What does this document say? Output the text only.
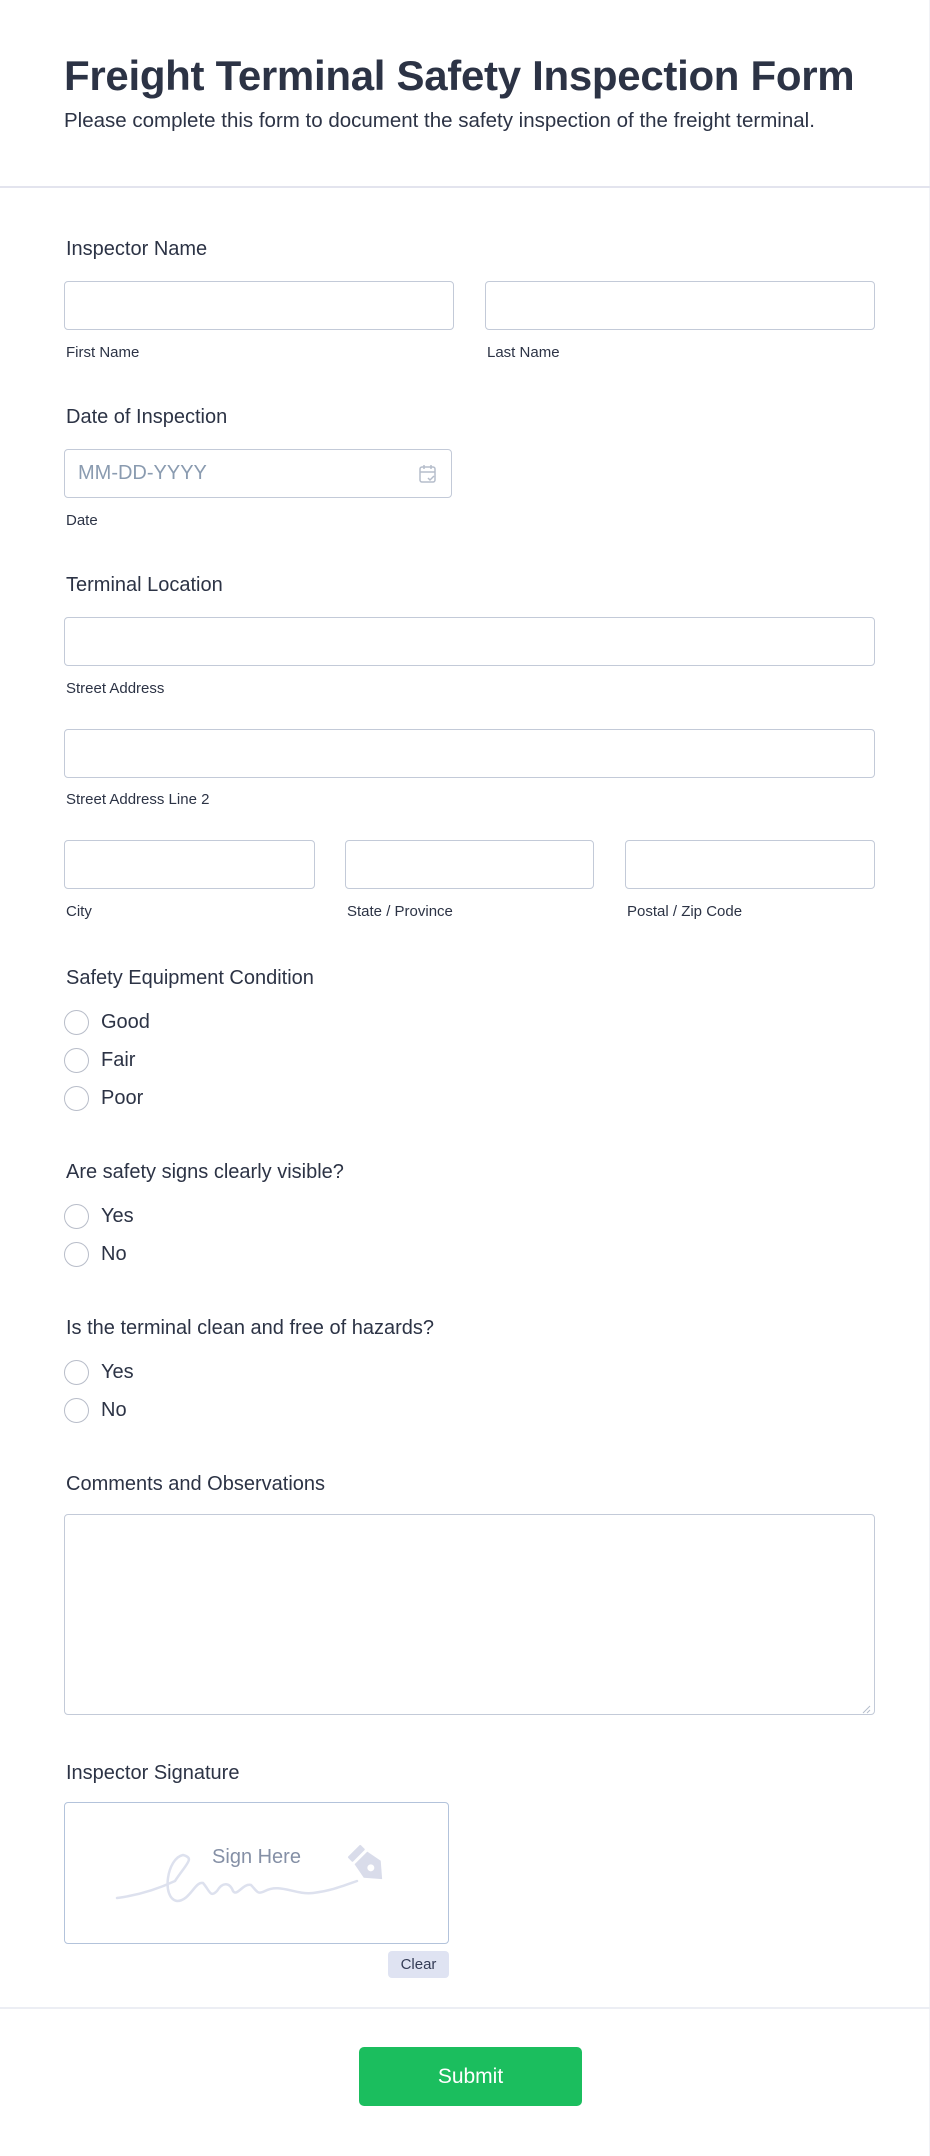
Freight Terminal Safety Inspection Form
Please complete this form to document the safety inspection of the freight terminal.
Inspector Name
First Name	Last Name
Date of Inspection
MM-DD-YYYY
Date
Terminal Location
Street Address
Street Address Line 2
City	State / Province	Postal / Zip Code
Safety Equipment Condition
Good
Fair
Poor
Are safety signs clearly visible?
Yes
No
Is the terminal clean and free of hazards?
Yes
No
Comments and Observations
Inspector Signature
Sign Here
Clear
Submit
